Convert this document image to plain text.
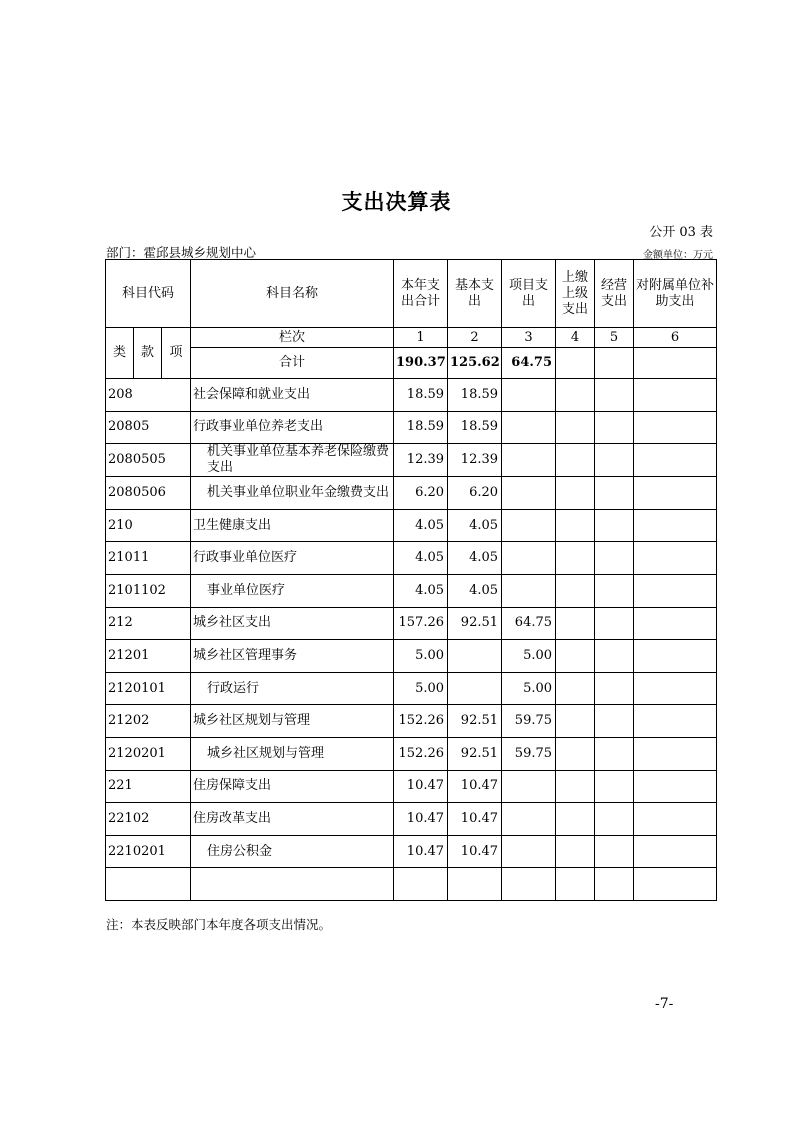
支出决算表
公开 03 表
部门：霍邱县城乡规划中心	金额单位：万元
科目代码			科目名称	本年支出合计	基本支出	项目支出	上缴上级支出	经营支出	对附属单位补助支出
类	款	项	栏次	1	2	3	4	5	6
			合计	190.37	125.62	64.75			
208			社会保障和就业支出	18.59	18.59				
20805			行政事业单位养老支出	18.59	18.59				
2080505			机关事业单位基本养老保险缴费支出	12.39	12.39				
2080506			机关事业单位职业年金缴费支出	6.20	6.20				
210			卫生健康支出	4.05	4.05				
21011			行政事业单位医疗	4.05	4.05				
2101102			事业单位医疗	4.05	4.05				
212			城乡社区支出	157.26	92.51	64.75			
21201			城乡社区管理事务	5.00		5.00			
2120101			行政运行	5.00		5.00			
21202			城乡社区规划与管理	152.26	92.51	59.75			
2120201			城乡社区规划与管理	152.26	92.51	59.75			
221			住房保障支出	10.47	10.47				
22102			住房改革支出	10.47	10.47				
2210201			住房公积金	10.47	10.47				

注：本表反映部门本年度各项支出情况。
-7-
